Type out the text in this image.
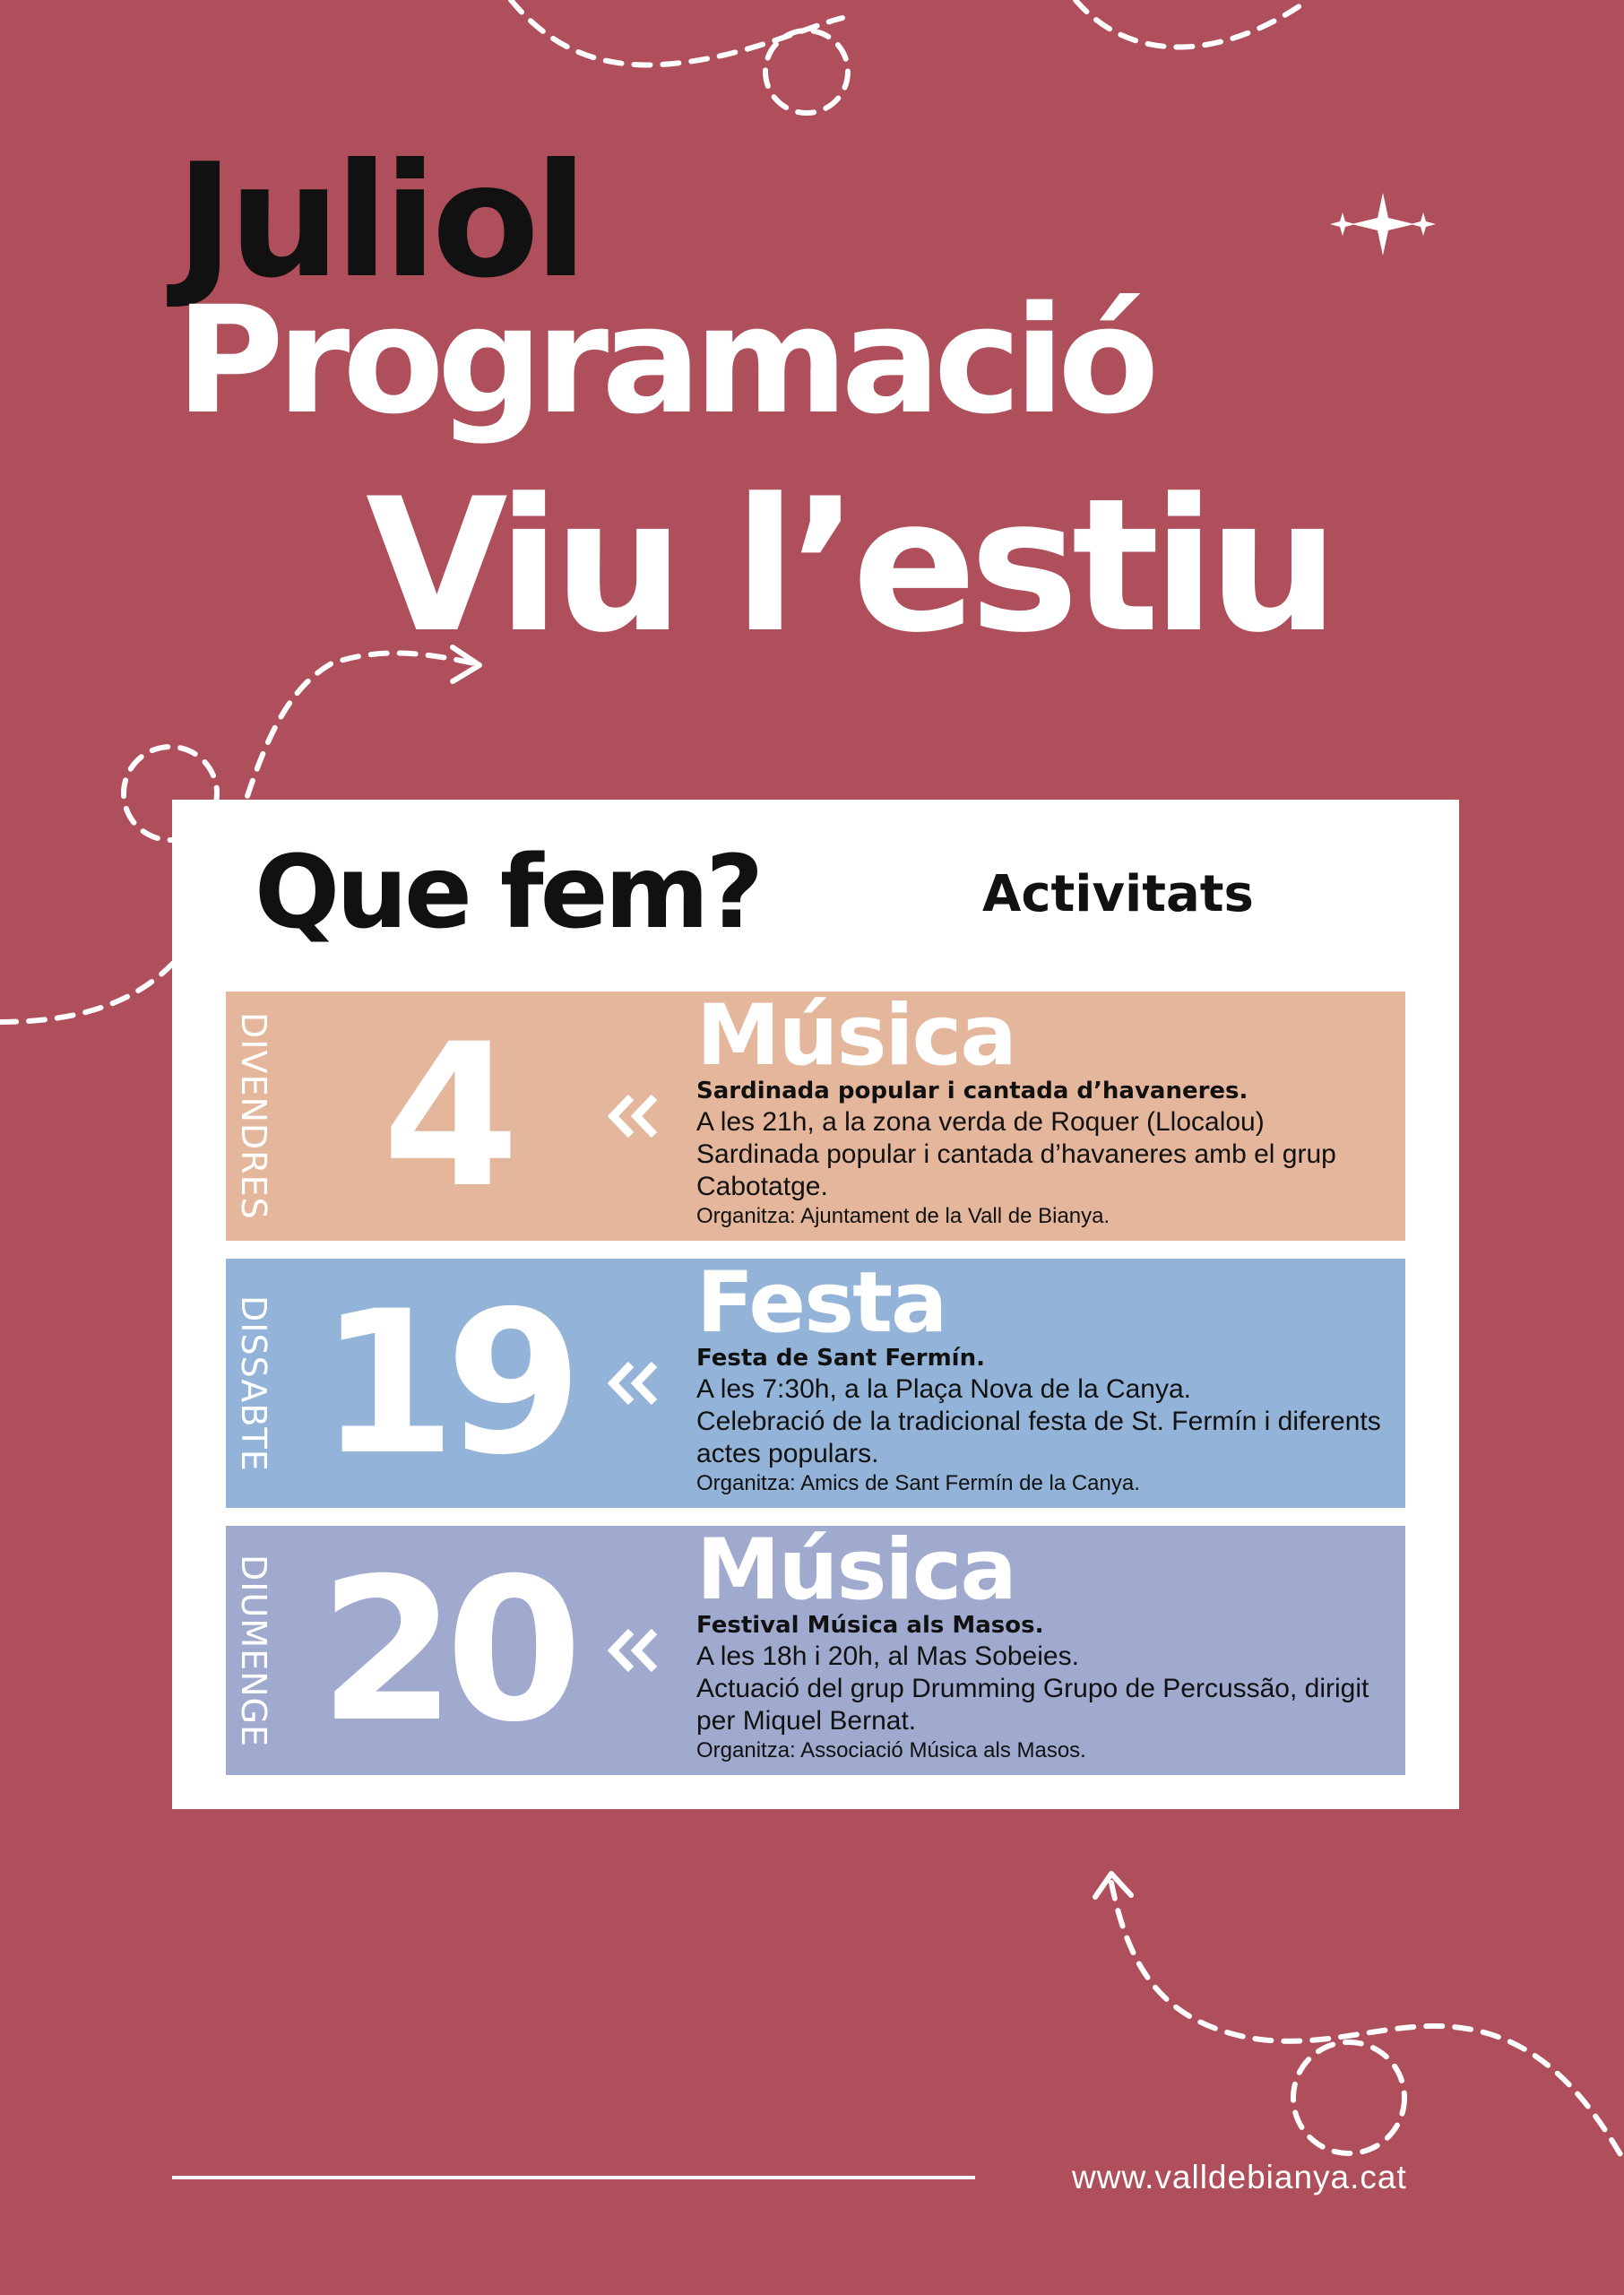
Juliol
Programació
Viu l’estiu
Que fem?	Activitats
DIVENDRES 4	Música
Sardinada popular i cantada d’havaneres.
A les 21h, a la zona verda de Roquer (Llocalou)
Sardinada popular i cantada d’havaneres amb el grup Cabotatge.
Organitza: Ajuntament de la Vall de Bianya.
DISSABTE 19 Festa
Festa de Sant Fermín.
A les 7:30h, a la Plaça Nova de la Canya.
Celebració de la tradicional festa de St. Fermín i diferents actes populars.
Organitza: Amics de Sant Fermín de la Canya.
DIUMENGE 20 Música
Festival Música als Masos.
A les 18h i 20h, al Mas Sobeies.
Actuació del grup Drumming Grupo de Percussão, dirigit per Miquel Bernat.
Organitza: Associació Música als Masos.
www.valldebianya.cat
